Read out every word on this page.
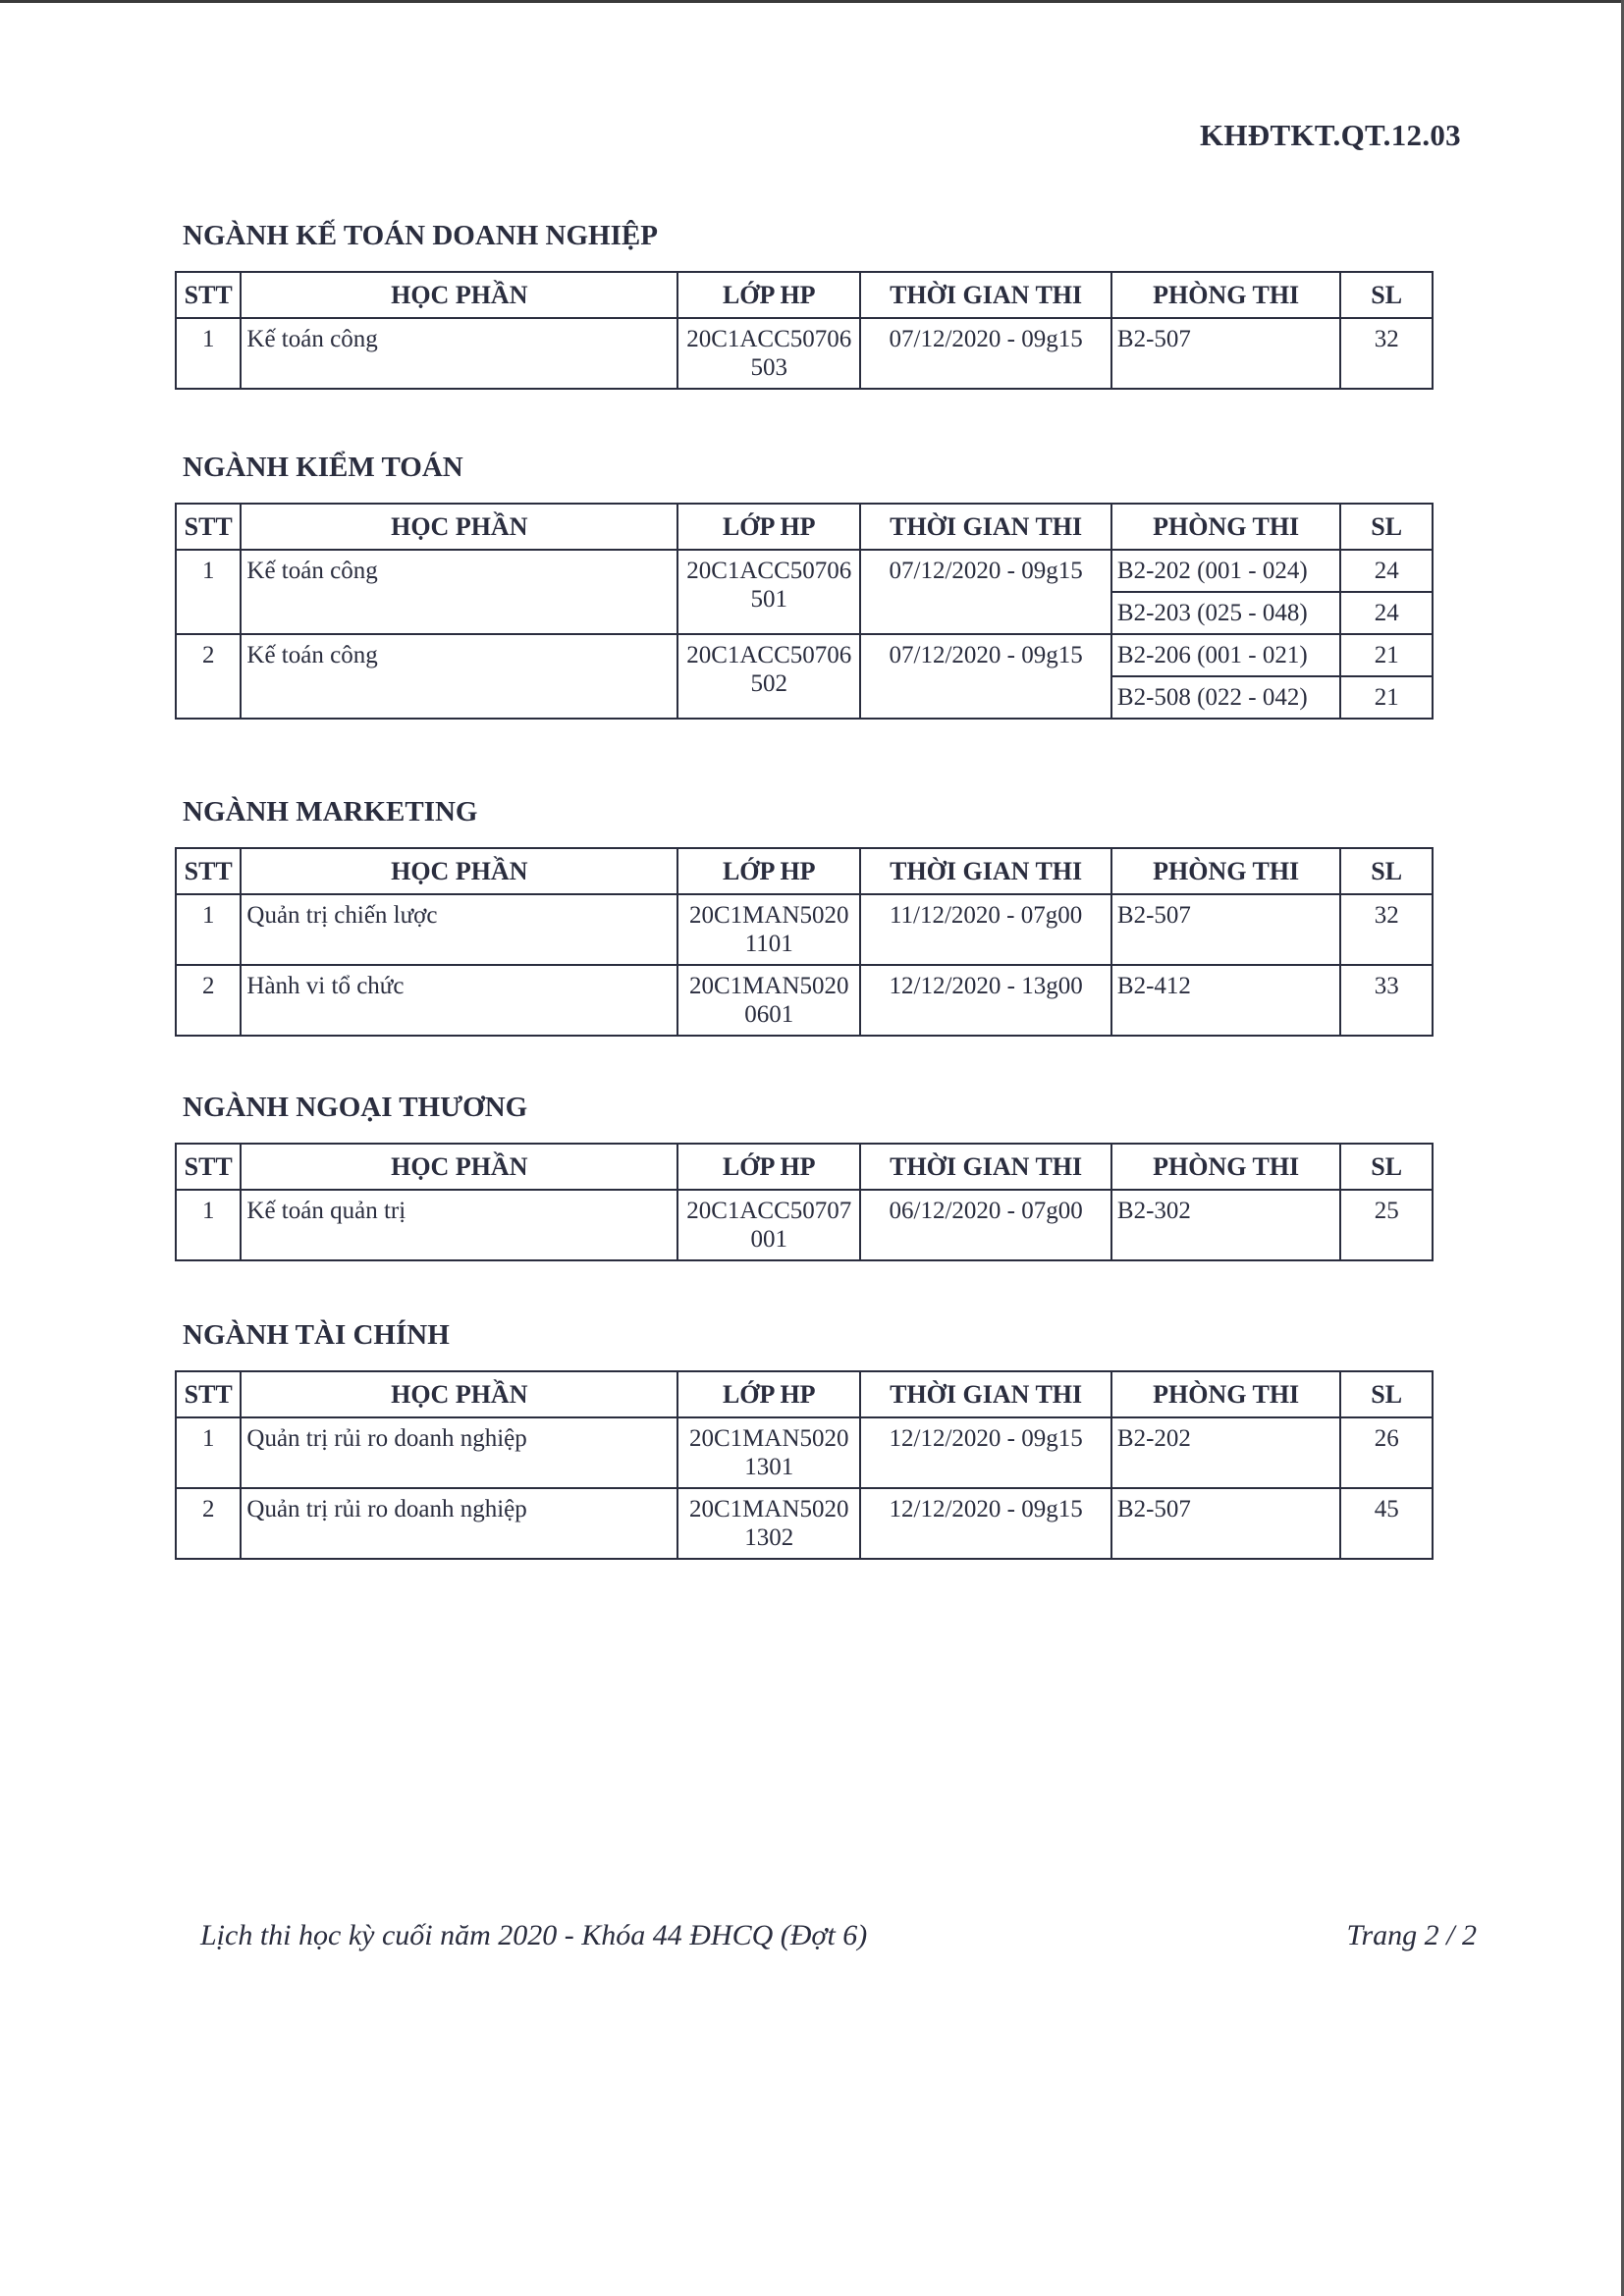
KHĐTKT.QT.12.03
NGÀNH KẾ TOÁN DOANH NGHIỆP
STT	HỌC PHẦN	LỚP HP	THỜI GIAN THI	PHÒNG THI	SL
1	Kế toán công	20C1ACC50706 503	07/12/2020 - 09g15	B2-507	32
NGÀNH KIỂM TOÁN
STT	HỌC PHẦN	LỚP HP	THỜI GIAN THI	PHÒNG THI	SL
1	Kế toán công	20C1ACC50706 501	07/12/2020 - 09g15	B2-202 (001 - 024)	24
				B2-203 (025 - 048)	24
2	Kế toán công	20C1ACC50706 502	07/12/2020 - 09g15	B2-206 (001 - 021)	21
				B2-508 (022 - 042)	21
NGÀNH MARKETING
STT	HỌC PHẦN	LỚP HP	THỜI GIAN THI	PHÒNG THI	SL
1	Quản trị chiến lược	20C1MAN5020 1101	11/12/2020 - 07g00	B2-507	32
2	Hành vi tổ chức	20C1MAN5020 0601	12/12/2020 - 13g00	B2-412	33
NGÀNH NGOẠI THƯƠNG
STT	HỌC PHẦN	LỚP HP	THỜI GIAN THI	PHÒNG THI	SL
1	Kế toán quản trị	20C1ACC50707 001	06/12/2020 - 07g00	B2-302	25
NGÀNH TÀI CHÍNH
STT	HỌC PHẦN	LỚP HP	THỜI GIAN THI	PHÒNG THI	SL
1	Quản trị rủi ro doanh nghiệp	20C1MAN5020 1301	12/12/2020 - 09g15	B2-202	26
2	Quản trị rủi ro doanh nghiệp	20C1MAN5020 1302	12/12/2020 - 09g15	B2-507	45
Lịch thi học kỳ cuối năm 2020 - Khóa 44 ĐHCQ (Đợt 6)	Trang 2 / 2
